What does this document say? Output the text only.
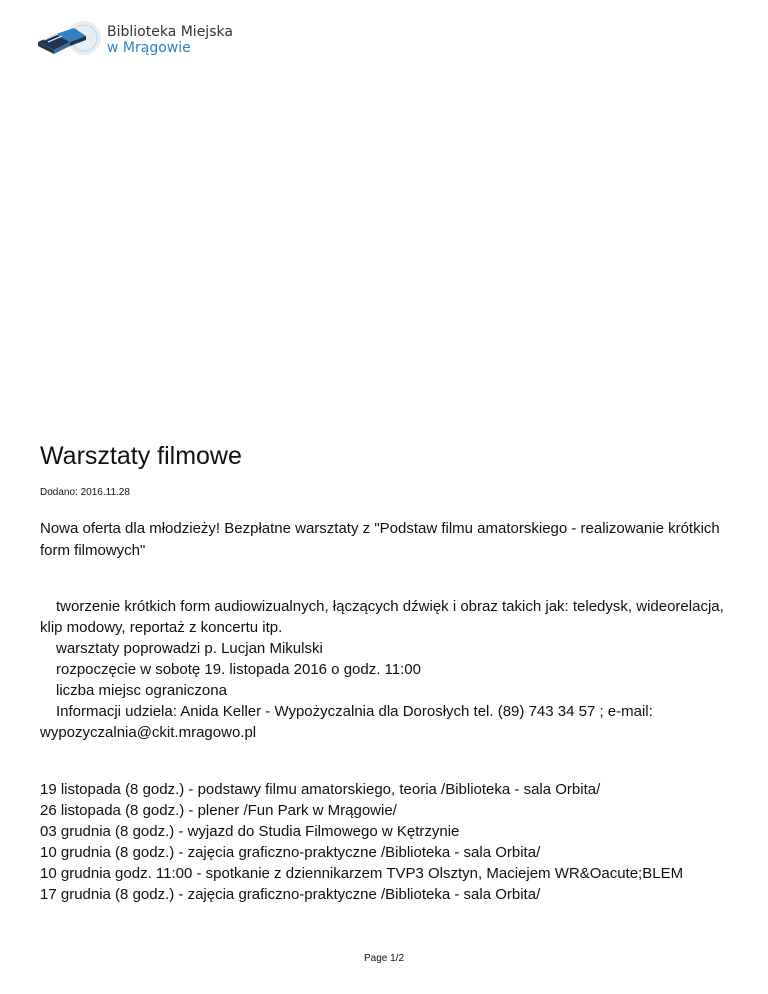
Biblioteka Miejska
w Mrągowie
Warsztaty filmowe
Dodano: 2016.11.28

Nowa oferta dla młodzieży! Bezpłatne warsztaty z "Podstaw filmu amatorskiego - realizowanie krótkich form filmowych"

tworzenie krótkich form audiowizualnych, łączących dźwięk i obraz takich jak: teledysk, wideorelacja, klip modowy, reportaż z koncertu itp.

warsztaty poprowadzi p. Lucjan Mikulski

rozpoczęcie w sobotę 19. listopada 2016 o godz. 11:00

liczba miejsc ograniczona

Informacji udziela: Anida Keller - Wypożyczalnia dla Dorosłych tel. (89) 743 34 57 ; e-mail: wypozyczalnia@ckit.mragowo.pl

19 listopada (8 godz.) - podstawy filmu amatorskiego, teoria /Biblioteka - sala Orbita/

26 listopada (8 godz.) - plener /Fun Park w Mrągowie/

03 grudnia (8 godz.) - wyjazd do Studia Filmowego w Kętrzynie

10 grudnia (8 godz.) - zajęcia graficzno-praktyczne /Biblioteka - sala Orbita/

10 grudnia godz. 11:00 - spotkanie z dziennikarzem TVP3 Olsztyn, Maciejem WR&Oacute;BLEM

17 grudnia (8 godz.) - zajęcia graficzno-praktyczne /Biblioteka - sala Orbita/

Page 1/2
